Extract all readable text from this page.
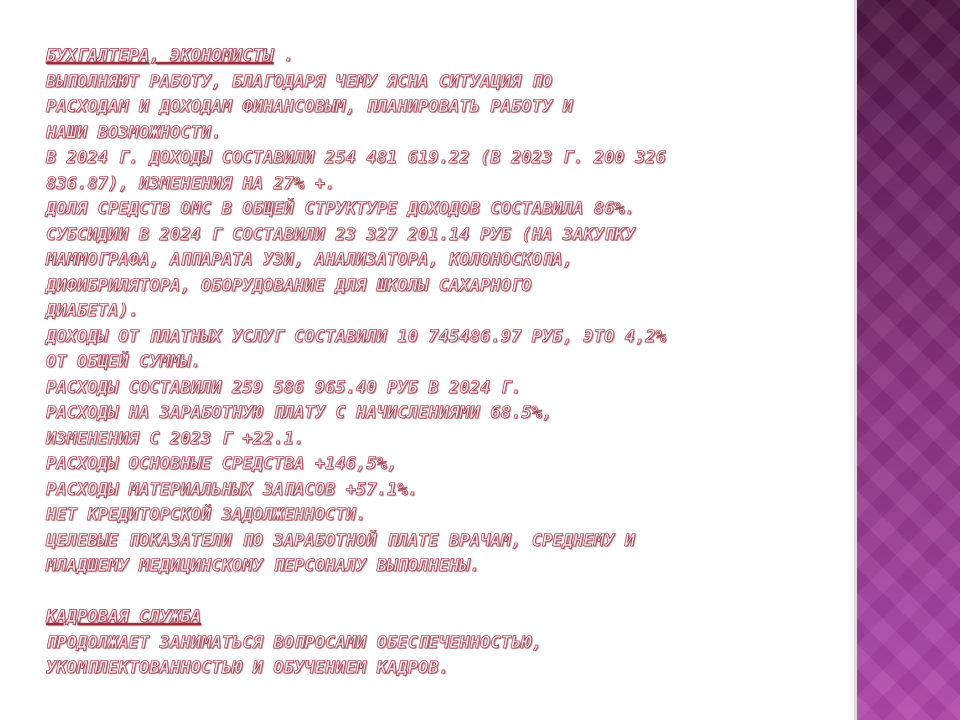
БУХГАЛТЕРА, ЭКОНОМИСТЫ .
ВЫПОЛНЯЮТ РАБОТУ, БЛАГОДАРЯ ЧЕМУ ЯСНА СИТУАЦИЯ ПО
РАСХОДАМ И ДОХОДАМ ФИНАНСОВЫМ, ПЛАНИРОВАТЬ РАБОТУ И
НАШИ ВОЗМОЖНОСТИ.
В 2024 Г. ДОХОДЫ СОСТАВИЛИ 254 481 619.22 (В 2023 Г. 200 326
836.87), ИЗМЕНЕНИЯ НА 27% +.
ДОЛЯ СРЕДСТВ ОМС В ОБЩЕЙ СТРУКТУРЕ ДОХОДОВ СОСТАВИЛА 86%.
СУБСИДИИ В 2024 Г СОСТАВИЛИ 23 327 201.14 РУБ (НА ЗАКУПКУ
МАММОГРАФА, АППАРАТА УЗИ, АНАЛИЗАТОРА, КОЛОНОСКОПА,
ДИФИБРИЛЯТОРА, ОБОРУДОВАНИЕ ДЛЯ ШКОЛЫ САХАРНОГО
ДИАБЕТА).
ДОХОДЫ ОТ ПЛАТНЫХ УСЛУГ СОСТАВИЛИ 10 745486.97 РУБ, ЭТО 4,2%
ОТ ОБЩЕЙ СУММЫ.
РАСХОДЫ СОСТАВИЛИ 259 586 965.40 РУБ В 2024 Г.
РАСХОДЫ НА ЗАРАБОТНУЮ ПЛАТУ С НАЧИСЛЕНИЯМИ 68.5%,
ИЗМЕНЕНИЯ С 2023 Г +22.1.
РАСХОДЫ ОСНОВНЫЕ СРЕДСТВА +146,5%,
РАСХОДЫ МАТЕРИАЛЬНЫХ ЗАПАСОВ +57.1%.
НЕТ КРЕДИТОРСКОЙ ЗАДОЛЖЕННОСТИ.
ЦЕЛЕВЫЕ ПОКАЗАТЕЛИ ПО ЗАРАБОТНОЙ ПЛАТЕ ВРАЧАМ, СРЕДНЕМУ И
МЛАДШЕМУ МЕДИЦИНСКОМУ ПЕРСОНАЛУ ВЫПОЛНЕНЫ.
КАДРОВАЯ СЛУЖБА
ПРОДОЛЖАЕТ ЗАНИМАТЬСЯ ВОПРОСАМИ ОБЕСПЕЧЕННОСТЬЮ,
УКОМПЛЕКТОВАННОСТЬЮ И ОБУЧЕНИЕМ КАДРОВ.
